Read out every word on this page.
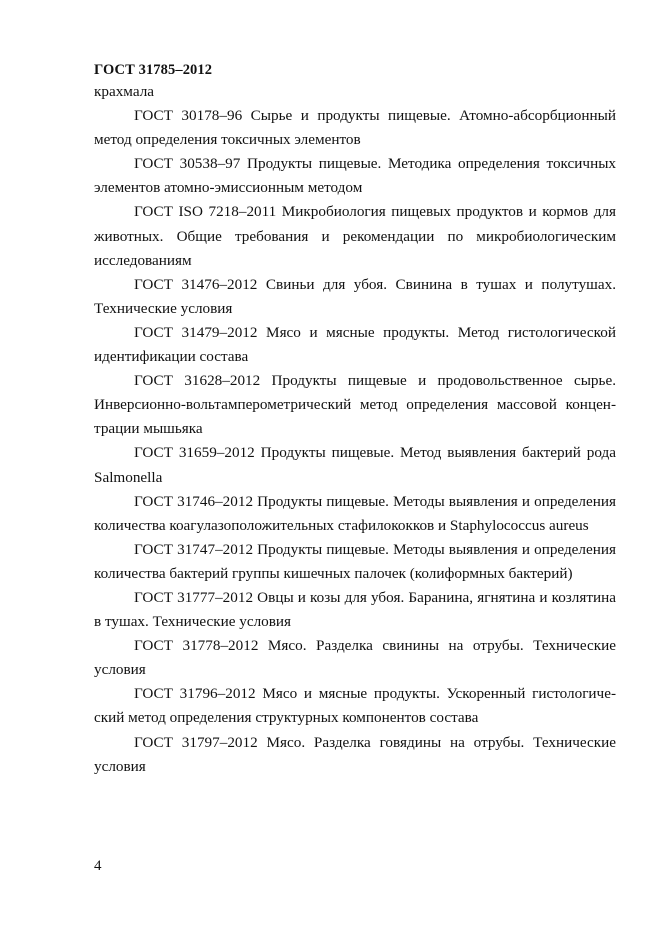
ГОСТ 31785–2012

крахмала

ГОСТ 30178–96 Сырье и продукты пищевые. Атомно-абсорбционный метод определения токсичных элементов

ГОСТ 30538–97 Продукты пищевые. Методика определения токсичных элементов атомно-эмиссионным методом

ГОСТ ISO 7218–2011 Микробиология пищевых продуктов и кормов для животных. Общие требования и рекомендации по микробиологическим исследованиям

ГОСТ 31476–2012 Свиньи для убоя. Свинина в тушах и полутушах. Технические условия

ГОСТ 31479–2012 Мясо и мясные продукты. Метод гистологической идентификации состава

ГОСТ 31628–2012 Продукты пищевые и продовольственное сырье. Инверсионно-вольтамперометрический метод определения массовой концентрации мышьяка

ГОСТ 31659–2012 Продукты пищевые. Метод выявления бактерий рода Salmonella

ГОСТ 31746–2012 Продукты пищевые. Методы выявления и определения количества коагулазоположительных стафилококков и Staphylococcus aureus

ГОСТ 31747–2012 Продукты пищевые. Методы выявления и определения количества бактерий группы кишечных палочек (колиформных бактерий)

ГОСТ 31777–2012 Овцы и козы для убоя. Баранина, ягнятина и козлятина в тушах. Технические условия

ГОСТ 31778–2012 Мясо. Разделка свинины на отрубы. Технические условия

ГОСТ 31796–2012 Мясо и мясные продукты. Ускоренный гистологический метод определения структурных компонентов состава

ГОСТ 31797–2012 Мясо. Разделка говядины на отрубы. Технические условия

4
